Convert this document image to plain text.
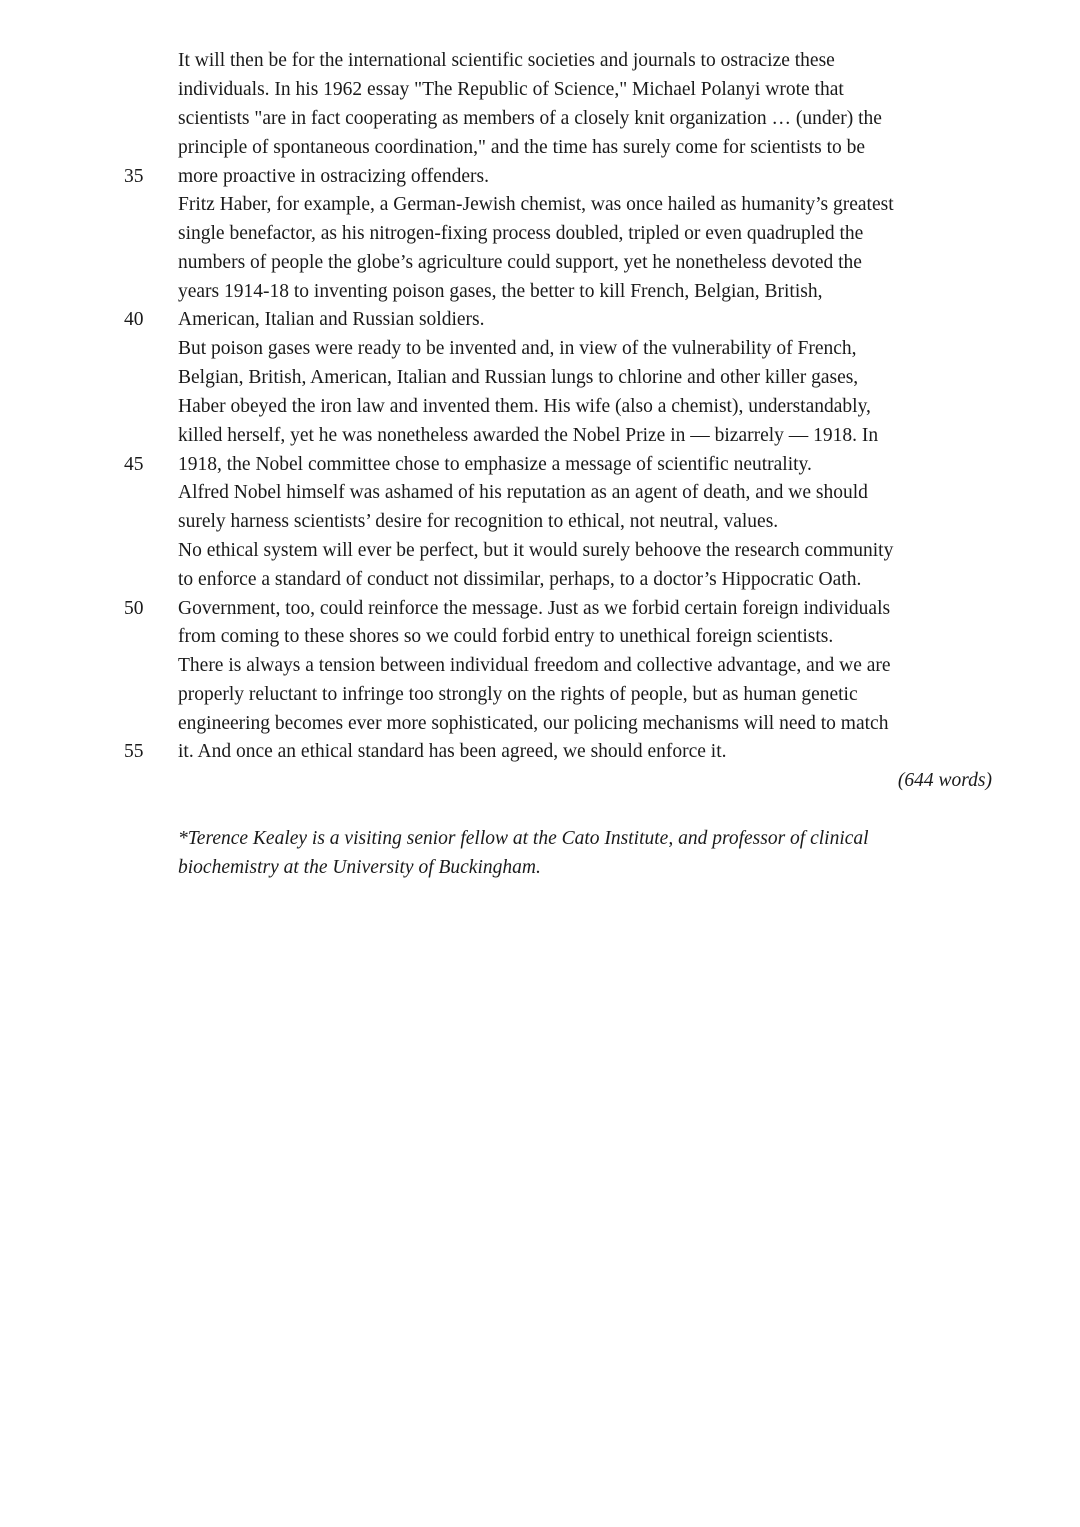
It will then be for the international scientific societies and journals to ostracize these
individuals. In his 1962 essay "The Republic of Science," Michael Polanyi wrote that
scientists "are in fact cooperating as members of a closely knit organization … (under) the
principle of spontaneous coordination," and the time has surely come for scientists to be
more proactive in ostracizing offenders.
Fritz Haber, for example, a German-Jewish chemist, was once hailed as humanity’s greatest
single benefactor, as his nitrogen-fixing process doubled, tripled or even quadrupled the
numbers of people the globe’s agriculture could support, yet he nonetheless devoted the
years 1914-18 to inventing poison gases, the better to kill French, Belgian, British,
American, Italian and Russian soldiers.
But poison gases were ready to be invented and, in view of the vulnerability of French,
Belgian, British, American, Italian and Russian lungs to chlorine and other killer gases,
Haber obeyed the iron law and invented them. His wife (also a chemist), understandably,
killed herself, yet he was nonetheless awarded the Nobel Prize in — bizarrely — 1918. In
1918, the Nobel committee chose to emphasize a message of scientific neutrality.
Alfred Nobel himself was ashamed of his reputation as an agent of death, and we should
surely harness scientists’ desire for recognition to ethical, not neutral, values.
No ethical system will ever be perfect, but it would surely behoove the research community
to enforce a standard of conduct not dissimilar, perhaps, to a doctor’s Hippocratic Oath.
Government, too, could reinforce the message. Just as we forbid certain foreign individuals
from coming to these shores so we could forbid entry to unethical foreign scientists.
There is always a tension between individual freedom and collective advantage, and we are
properly reluctant to infringe too strongly on the rights of people, but as human genetic
engineering becomes ever more sophisticated, our policing mechanisms will need to match
it. And once an ethical standard has been agreed, we should enforce it.
35
40
45
50
55
(644 words)
*Terence Kealey is a visiting senior fellow at the Cato Institute, and professor of clinical
biochemistry at the University of Buckingham.
